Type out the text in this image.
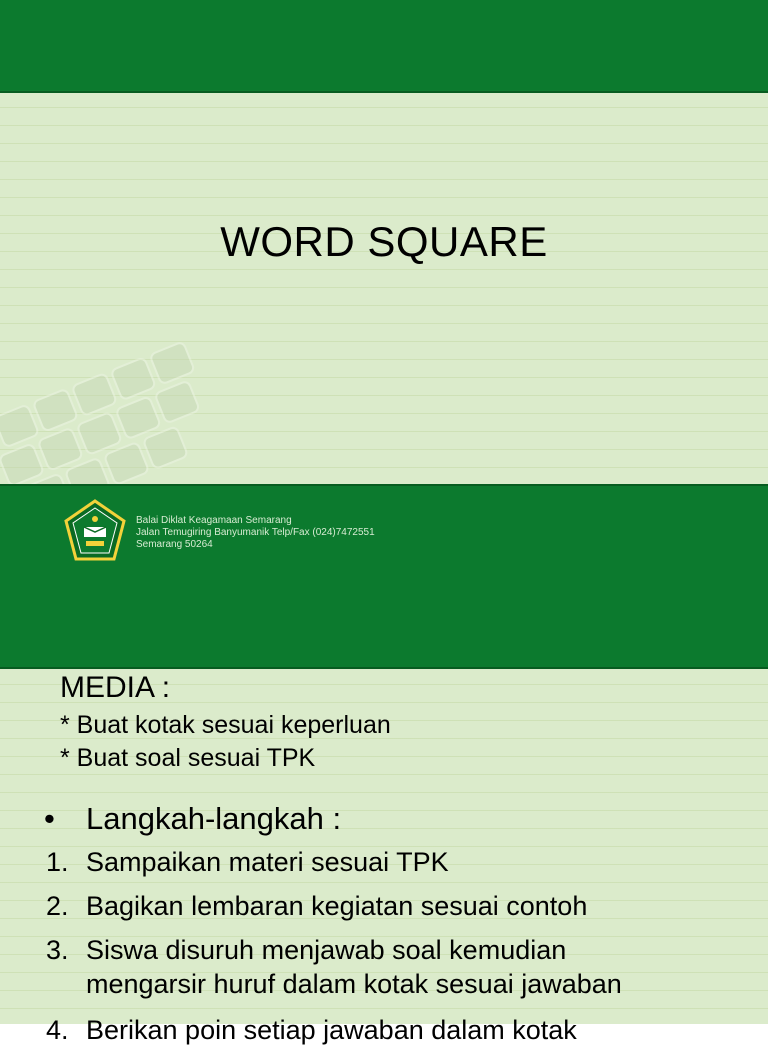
WORD SQUARE
Balai Diklat Keagamaan Semarang
Jalan Temugiring Banyumanik Telp/Fax (024)7472551
Semarang 50264
MEDIA :
* Buat kotak sesuai keperluan
* Buat soal sesuai TPK
• Langkah-langkah :
1. Sampaikan materi sesuai TPK
2. Bagikan lembaran kegiatan sesuai contoh
3. Siswa disuruh menjawab soal kemudian
mengarsir huruf dalam kotak sesuai jawaban
4. Berikan poin setiap jawaban dalam kotak
